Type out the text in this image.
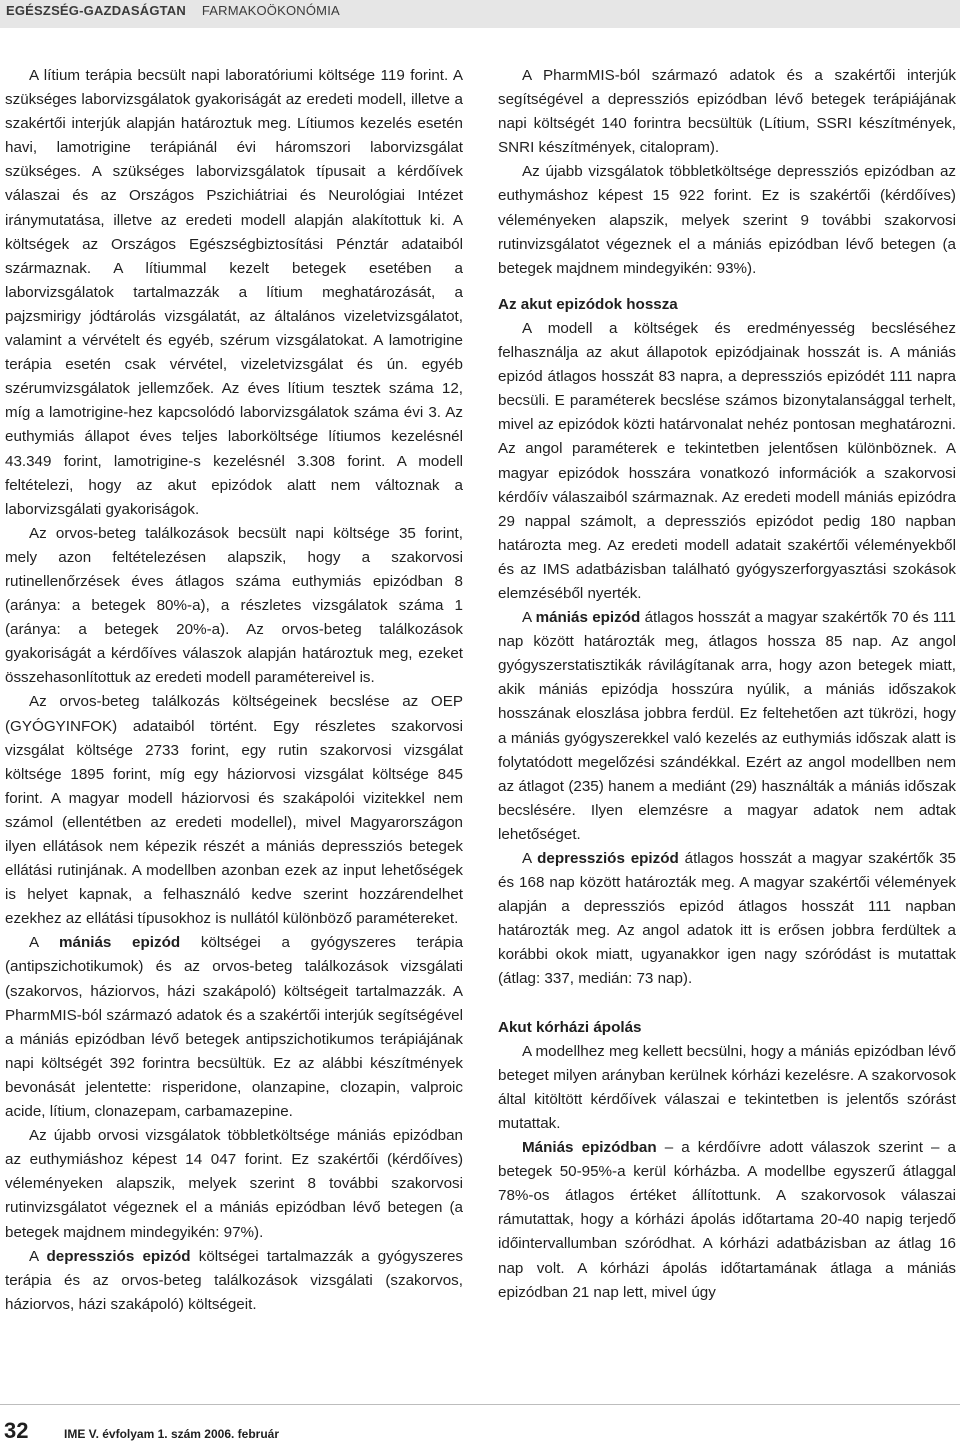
EGÉSZSÉG-GAZDASÁGTAN FARMAKOÖKONÓMIA

A lítium terápia becsült napi laboratóriumi költsége 119 forint. A szükséges laborvizsgálatok gyakoriságát az eredeti modell, illetve a szakértői interjúk alapján határoztuk meg. Lítiumos kezelés esetén havi, lamotrigine terápiánál évi háromszori laborvizsgálat szükséges. A szükséges laborvizsgálatok típusait a kérdőívek válaszai és az Országos Pszichiátriai és Neurológiai Intézet iránymutatása, illetve az eredeti modell alapján alakítottuk ki. A költségek az Országos Egészségbiztosítási Pénztár adataiból származnak. A lítiummal kezelt betegek esetében a laborvizsgálatok tartalmazzák a lítium meghatározását, a pajzsmirigy jódtárolás vizsgálatát, az általános vizeletvizsgálatot, valamint a vérvételt és egyéb, szérum vizsgálatokat. A lamotrigine terápia esetén csak vérvétel, vizeletvizsgálat és ún. egyéb szérumvizsgálatok jellemzőek. Az éves lítium tesztek száma 12, míg a lamotrigine-hez kapcsolódó laborvizsgálatok száma évi 3. Az euthymiás állapot éves teljes laborköltsége lítiumos kezelésnél 43.349 forint, lamotrigine-s kezelésnél 3.308 forint. A modell feltételezi, hogy az akut epizódok alatt nem változnak a laborvizsgálati gyakoriságok.

Az orvos-beteg találkozások becsült napi költsége 35 forint, mely azon feltételezésen alapszik, hogy a szakorvosi rutinellenőrzések éves átlagos száma euthymiás epizódban 8 (aránya: a betegek 80%-a), a részletes vizsgálatok száma 1 (aránya: a betegek 20%-a). Az orvos-beteg találkozások gyakoriságát a kérdőíves válaszok alapján határoztuk meg, ezeket összehasonlítottuk az eredeti modell paramétereivel is.

Az orvos-beteg találkozás költségeinek becslése az OEP (GYÓGYINFOK) adataiból történt. Egy részletes szakorvosi vizsgálat költsége 2733 forint, egy rutin szakorvosi vizsgálat költsége 1895 forint, míg egy háziorvosi vizsgálat költsége 845 forint. A magyar modell háziorvosi és szakápolói vizitekkel nem számol (ellentétben az eredeti modellel), mivel Magyarországon ilyen ellátások nem képezik részét a mániás depressziós betegek ellátási rutinjának. A modellben azonban ezek az input lehetőségek is helyet kapnak, a felhasználó kedve szerint hozzárendelhet ezekhez az ellátási típusokhoz is nullától különböző paramétereket.

A mániás epizód költségei a gyógyszeres terápia (antipszichotikumok) és az orvos-beteg találkozások vizsgálati (szakorvos, háziorvos, házi szakápoló) költségeit tartalmazzák. A PharmMIS-ból származó adatok és a szakértői interjúk segítségével a mániás epizódban lévő betegek antipszichotikumos terápiájának napi költségét 392 forintra becsültük. Ez az alábbi készítmények bevonását jelentette: risperidone, olanzapine, clozapin, valproic acide, lítium, clonazepam, carbamazepine.

Az újabb orvosi vizsgálatok többletköltsége mániás epizódban az euthymiáshoz képest 14 047 forint. Ez szakértői (kérdőíves) véleményeken alapszik, melyek szerint 8 további szakorvosi rutinvizsgálatot végeznek el a mániás epizódban lévő betegen (a betegek majdnem mindegyikén: 97%).

A depressziós epizód költségei tartalmazzák a gyógyszeres terápia és az orvos-beteg találkozások vizsgálati (szakorvos, háziorvos, házi szakápoló) költségeit.

A PharmMIS-ból származó adatok és a szakértői interjúk segítségével a depressziós epizódban lévő betegek terápiájának napi költségét 140 forintra becsültük (Lítium, SSRI készítmények, SNRI készítmények, citalopram).

Az újabb vizsgálatok többletköltsége depressziós epizódban az euthymáshoz képest 15 922 forint. Ez is szakértői (kérdőíves) véleményeken alapszik, melyek szerint 9 további szakorvosi rutinvizsgálatot végeznek el a mániás epizódban lévő betegen (a betegek majdnem mindegyikén: 93%).

Az akut epizódok hossza

A modell a költségek és eredményesség becsléséhez felhasználja az akut állapotok epizódjainak hosszát is. A mániás epizód átlagos hosszát 83 napra, a depressziós epizódét 111 napra becsüli. E paraméterek becslése számos bizonytalansággal terhelt, mivel az epizódok közti határvonalat nehéz pontosan meghatározni. Az angol paraméterek e tekintetben jelentősen különböznek. A magyar epizódok hosszára vonatkozó információk a szakorvosi kérdőív válaszaiból származnak. Az eredeti modell mániás epizódra 29 nappal számolt, a depressziós epizódot pedig 180 napban határozta meg. Az eredeti modell adatait szakértői véleményekből és az IMS adatbázisban található gyógyszerforgyasztási szokások elemzéséből nyerték.

A mániás epizód átlagos hosszát a magyar szakértők 70 és 111 nap között határozták meg, átlagos hossza 85 nap. Az angol gyógyszerstatisztikák rávilágítanak arra, hogy azon betegek miatt, akik mániás epizódja hosszúra nyúlik, a mániás időszakok hosszának eloszlása jobbra ferdül. Ez feltehetően azt tükrözi, hogy a mániás gyógyszerekkel való kezelés az euthymiás időszak alatt is folytatódott megelőzési szándékkal. Ezért az angol modellben nem az átlagot (235) hanem a mediánt (29) használták a mániás időszak becslésére. Ilyen elemzésre a magyar adatok nem adtak lehetőséget.

A depressziós epizód átlagos hosszát a magyar szakértők 35 és 168 nap között határozták meg. A magyar szakértői vélemények alapján a depressziós epizód átlagos hosszát 111 napban határozták meg. Az angol adatok itt is erősen jobbra ferdültek a korábbi okok miatt, ugyanakkor igen nagy szóródást is mutattak (átlag: 337, medián: 73 nap).

Akut kórházi ápolás

A modellhez meg kellett becsülni, hogy a mániás epizódban lévő beteget milyen arányban kerülnek kórházi kezelésre. A szakorvosok által kitöltött kérdőívek válaszai e tekintetben is jelentős szórást mutattak.

Mániás epizódban – a kérdőívre adott válaszok szerint – a betegek 50-95%-a kerül kórházba. A modellbe egyszerű átlaggal 78%-os átlagos értéket állítottunk. A szakorvosok válaszai rámutattak, hogy a kórházi ápolás időtartama 20-40 napig terjedő időintervallumban szóródhat. A kórházi adatbázisban az átlag 16 nap volt. A kórházi ápolás időtartamának átlaga a mániás epizódban 21 nap lett, mivel úgy

32	IME V. évfolyam 1. szám 2006. február
